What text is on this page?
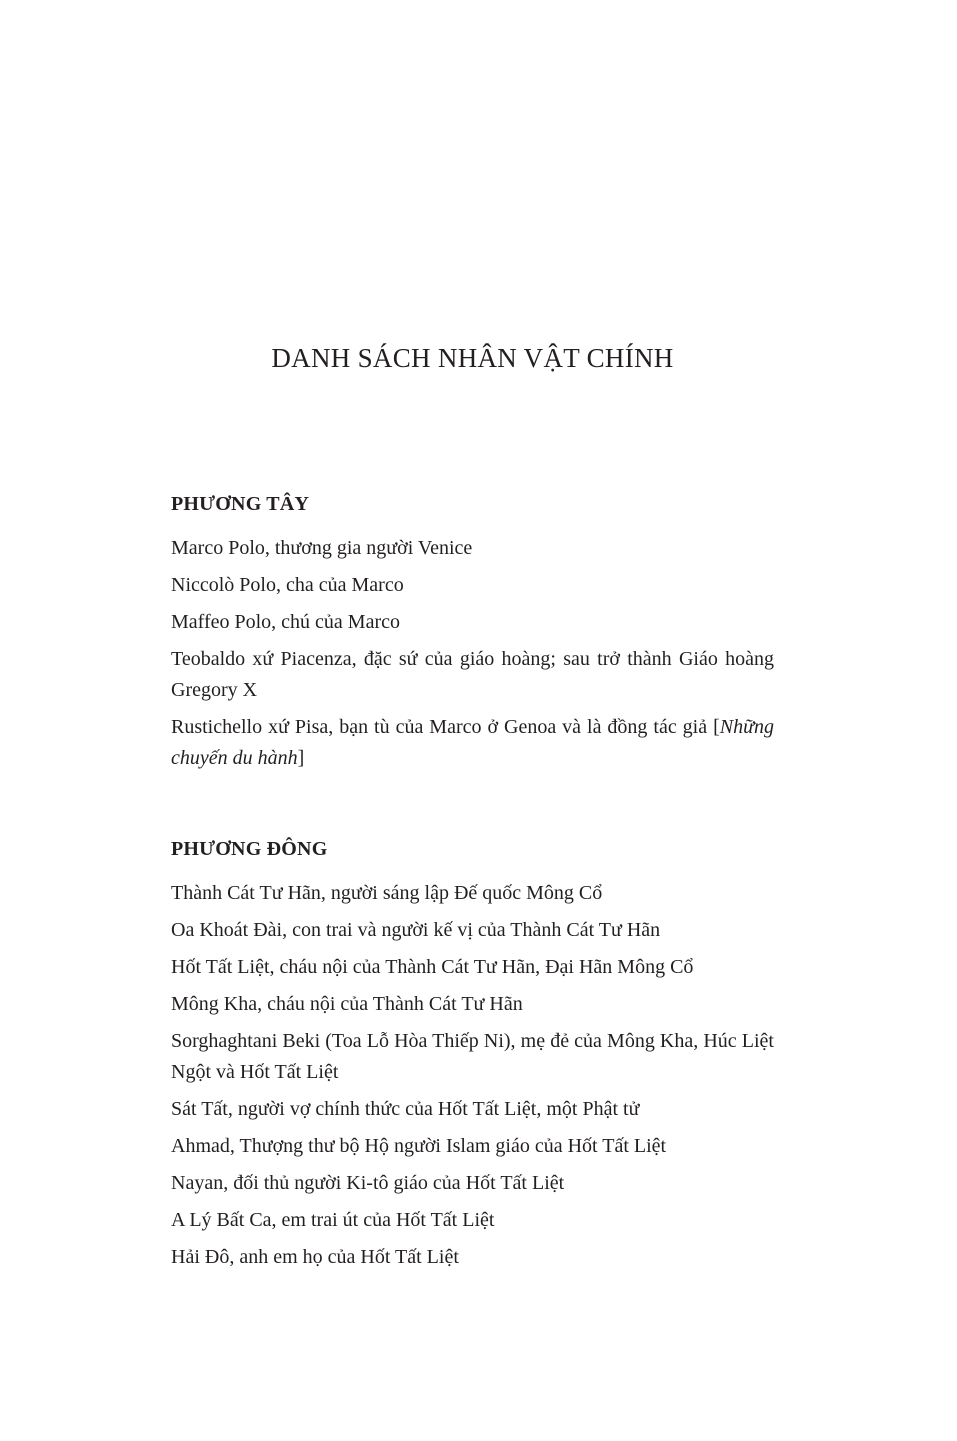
DANH SÁCH NHÂN VẬT CHÍNH
PHƯƠNG TÂY
Marco Polo, thương gia người Venice
Niccolò Polo, cha của Marco
Maffeo Polo, chú của Marco
Teobaldo xứ Piacenza, đặc sứ của giáo hoàng; sau trở thành Giáo hoàng Gregory X
Rustichello xứ Pisa, bạn tù của Marco ở Genoa và là đồng tác giả [Những chuyến du hành]
PHƯƠNG ĐÔNG
Thành Cát Tư Hãn, người sáng lập Đế quốc Mông Cổ
Oa Khoát Đài, con trai và người kế vị của Thành Cát Tư Hãn
Hốt Tất Liệt, cháu nội của Thành Cát Tư Hãn, Đại Hãn Mông Cổ
Mông Kha, cháu nội của Thành Cát Tư Hãn
Sorghaghtani Beki (Toa Lỗ Hòa Thiếp Ni), mẹ đẻ của Mông Kha, Húc Liệt Ngột và Hốt Tất Liệt
Sát Tất, người vợ chính thức của Hốt Tất Liệt, một Phật tử
Ahmad, Thượng thư bộ Hộ người Islam giáo của Hốt Tất Liệt
Nayan, đối thủ người Ki-tô giáo của Hốt Tất Liệt
A Lý Bất Ca, em trai út của Hốt Tất Liệt
Hải Đô, anh em họ của Hốt Tất Liệt
